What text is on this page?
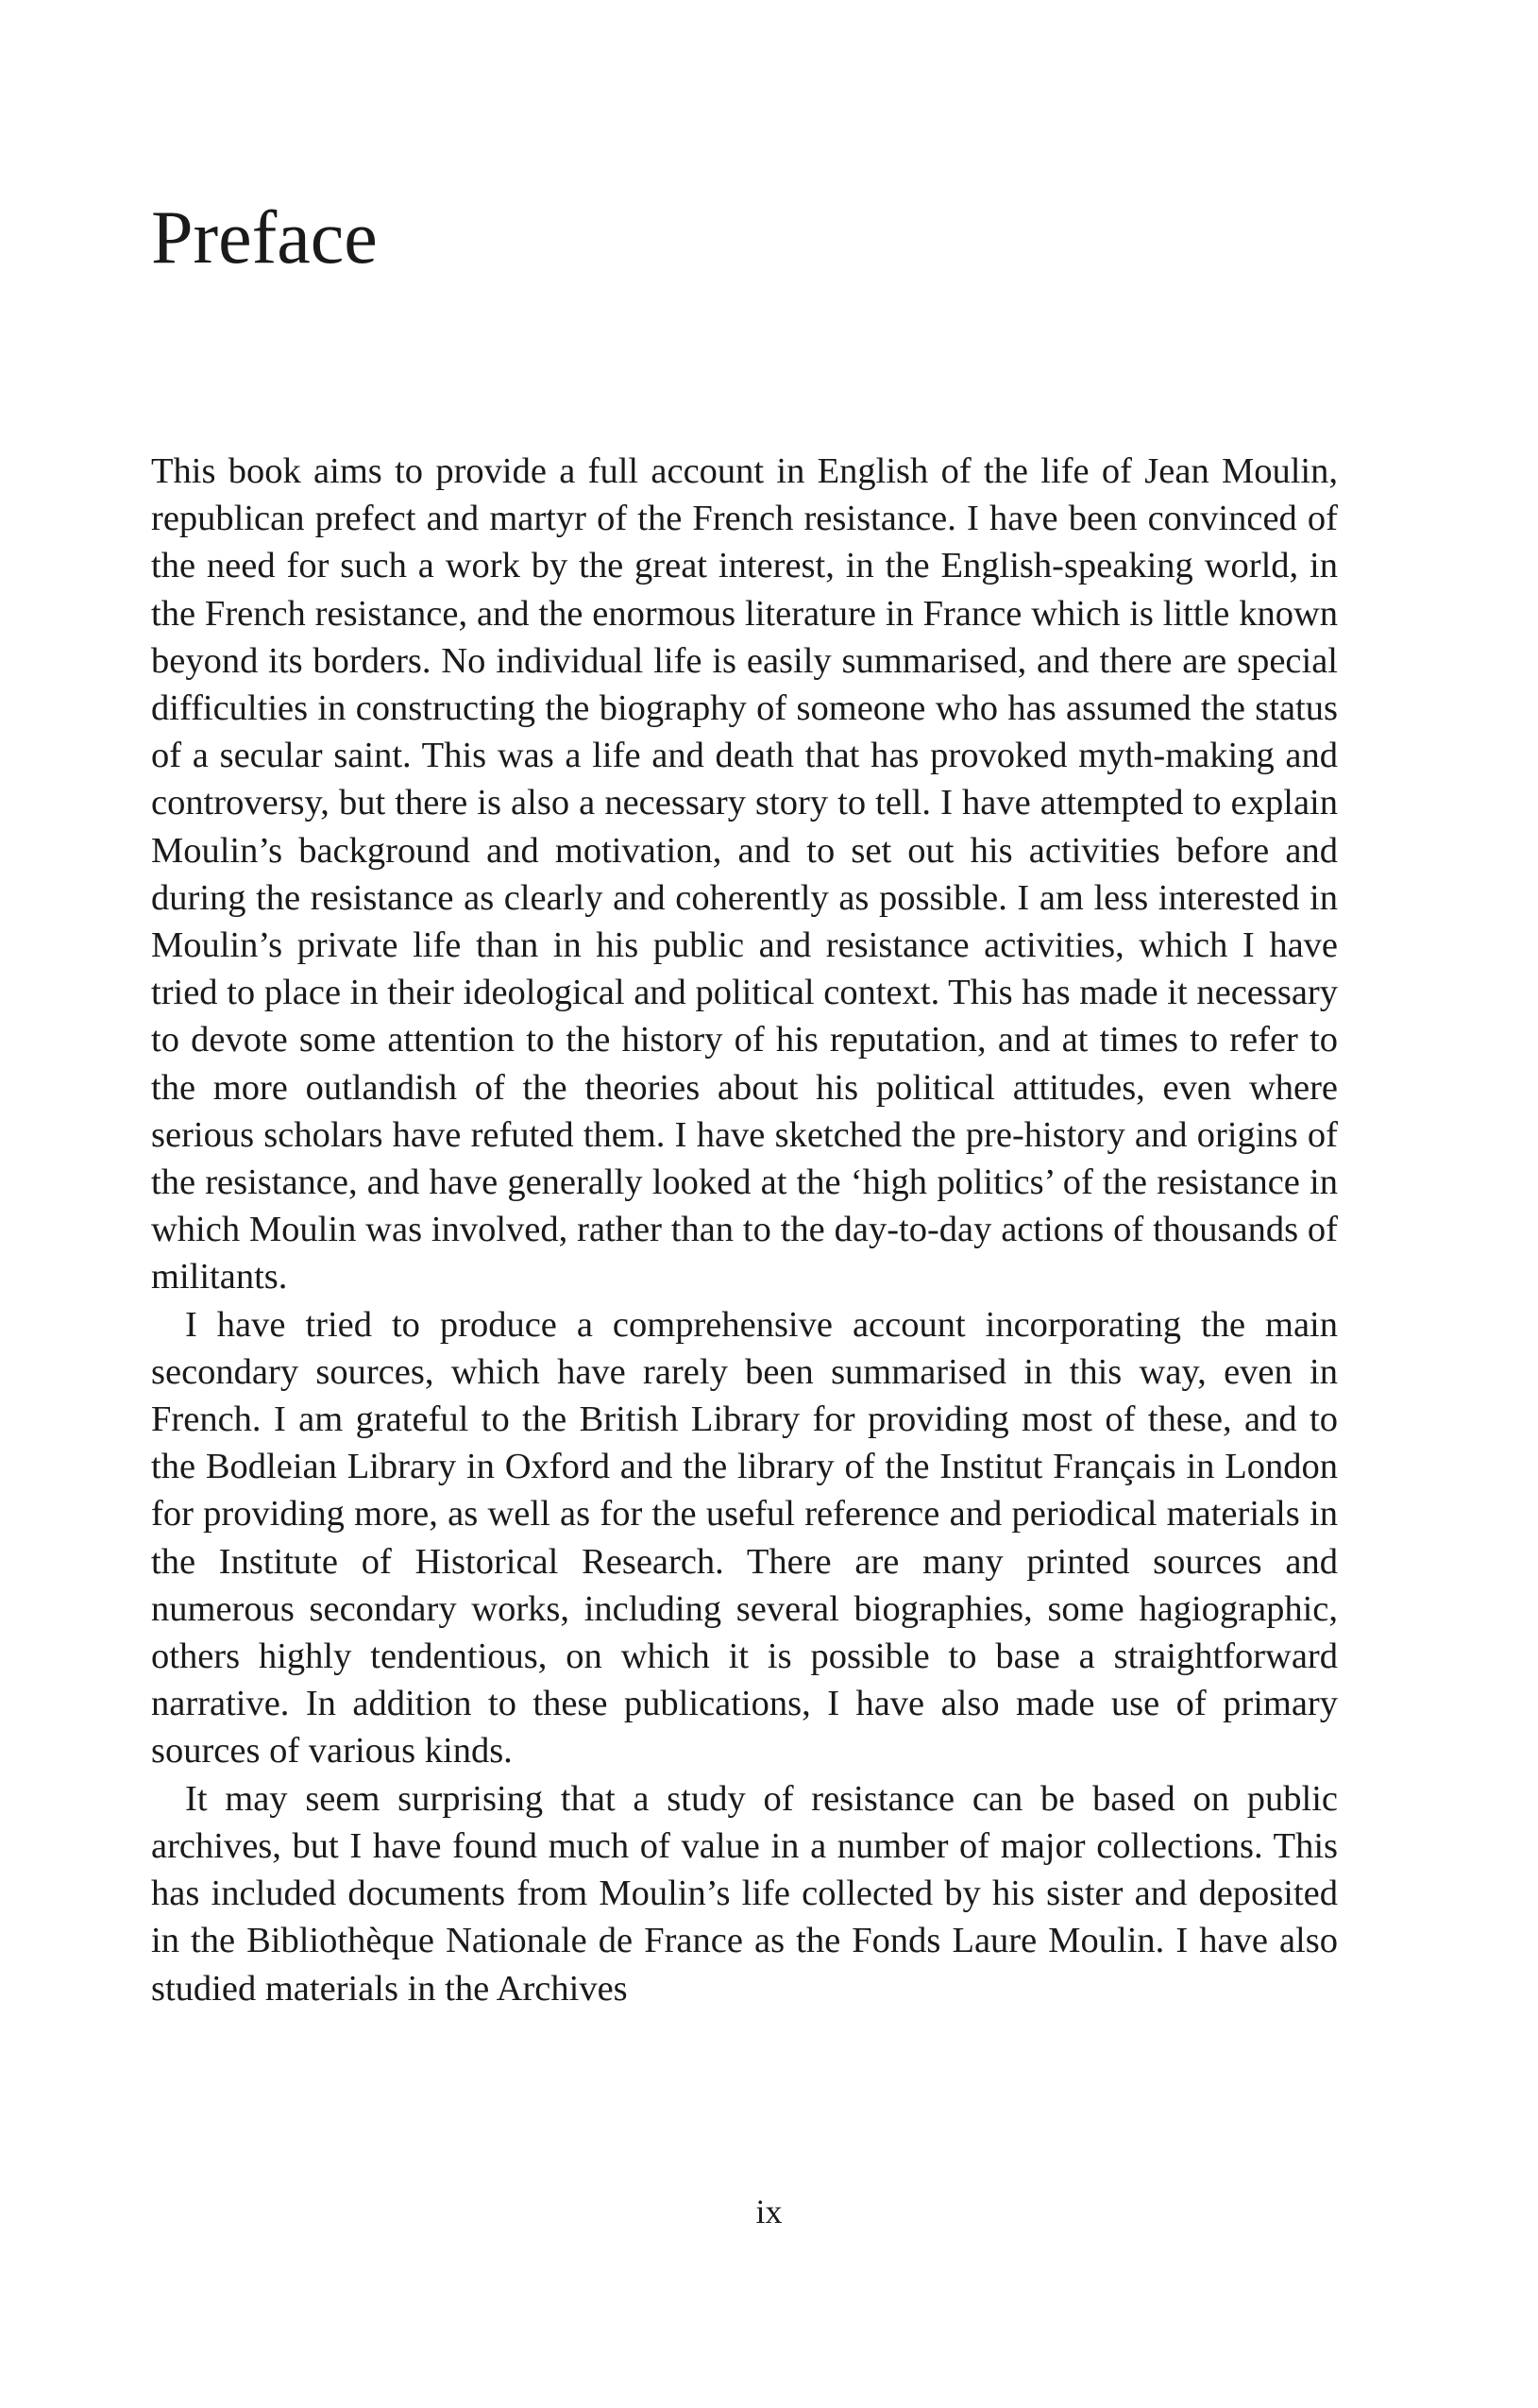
Preface

This book aims to provide a full account in English of the life of Jean Moulin, republican prefect and martyr of the French resistance. I have been convinced of the need for such a work by the great interest, in the English-speaking world, in the French resistance, and the enormous literature in France which is little known beyond its borders. No individual life is easily summarised, and there are special difficulties in constructing the biography of someone who has assumed the status of a secular saint. This was a life and death that has provoked myth-making and controversy, but there is also a necessary story to tell. I have attempted to explain Moulin’s background and motivation, and to set out his activities before and during the resistance as clearly and coherently as possible. I am less interested in Moulin’s private life than in his public and resistance activities, which I have tried to place in their ideological and political context. This has made it necessary to devote some attention to the history of his reputation, and at times to refer to the more outlandish of the theories about his political attitudes, even where serious scholars have refuted them. I have sketched the pre-history and origins of the resistance, and have generally looked at the ‘high politics’ of the resistance in which Moulin was involved, rather than to the day-to-day actions of thousands of militants.

I have tried to produce a comprehensive account incorporating the main secondary sources, which have rarely been summarised in this way, even in French. I am grateful to the British Library for providing most of these, and to the Bodleian Library in Oxford and the library of the Institut Français in London for providing more, as well as for the useful reference and periodical materials in the Institute of Historical Research. There are many printed sources and numerous secondary works, including several biographies, some hagiographic, others highly tendentious, on which it is possible to base a straightforward narrative. In addition to these publications, I have also made use of primary sources of various kinds.

It may seem surprising that a study of resistance can be based on public archives, but I have found much of value in a number of major collections. This has included documents from Moulin’s life collected by his sister and deposited in the Bibliothèque Nationale de France as the Fonds Laure Moulin. I have also studied materials in the Archives

ix
